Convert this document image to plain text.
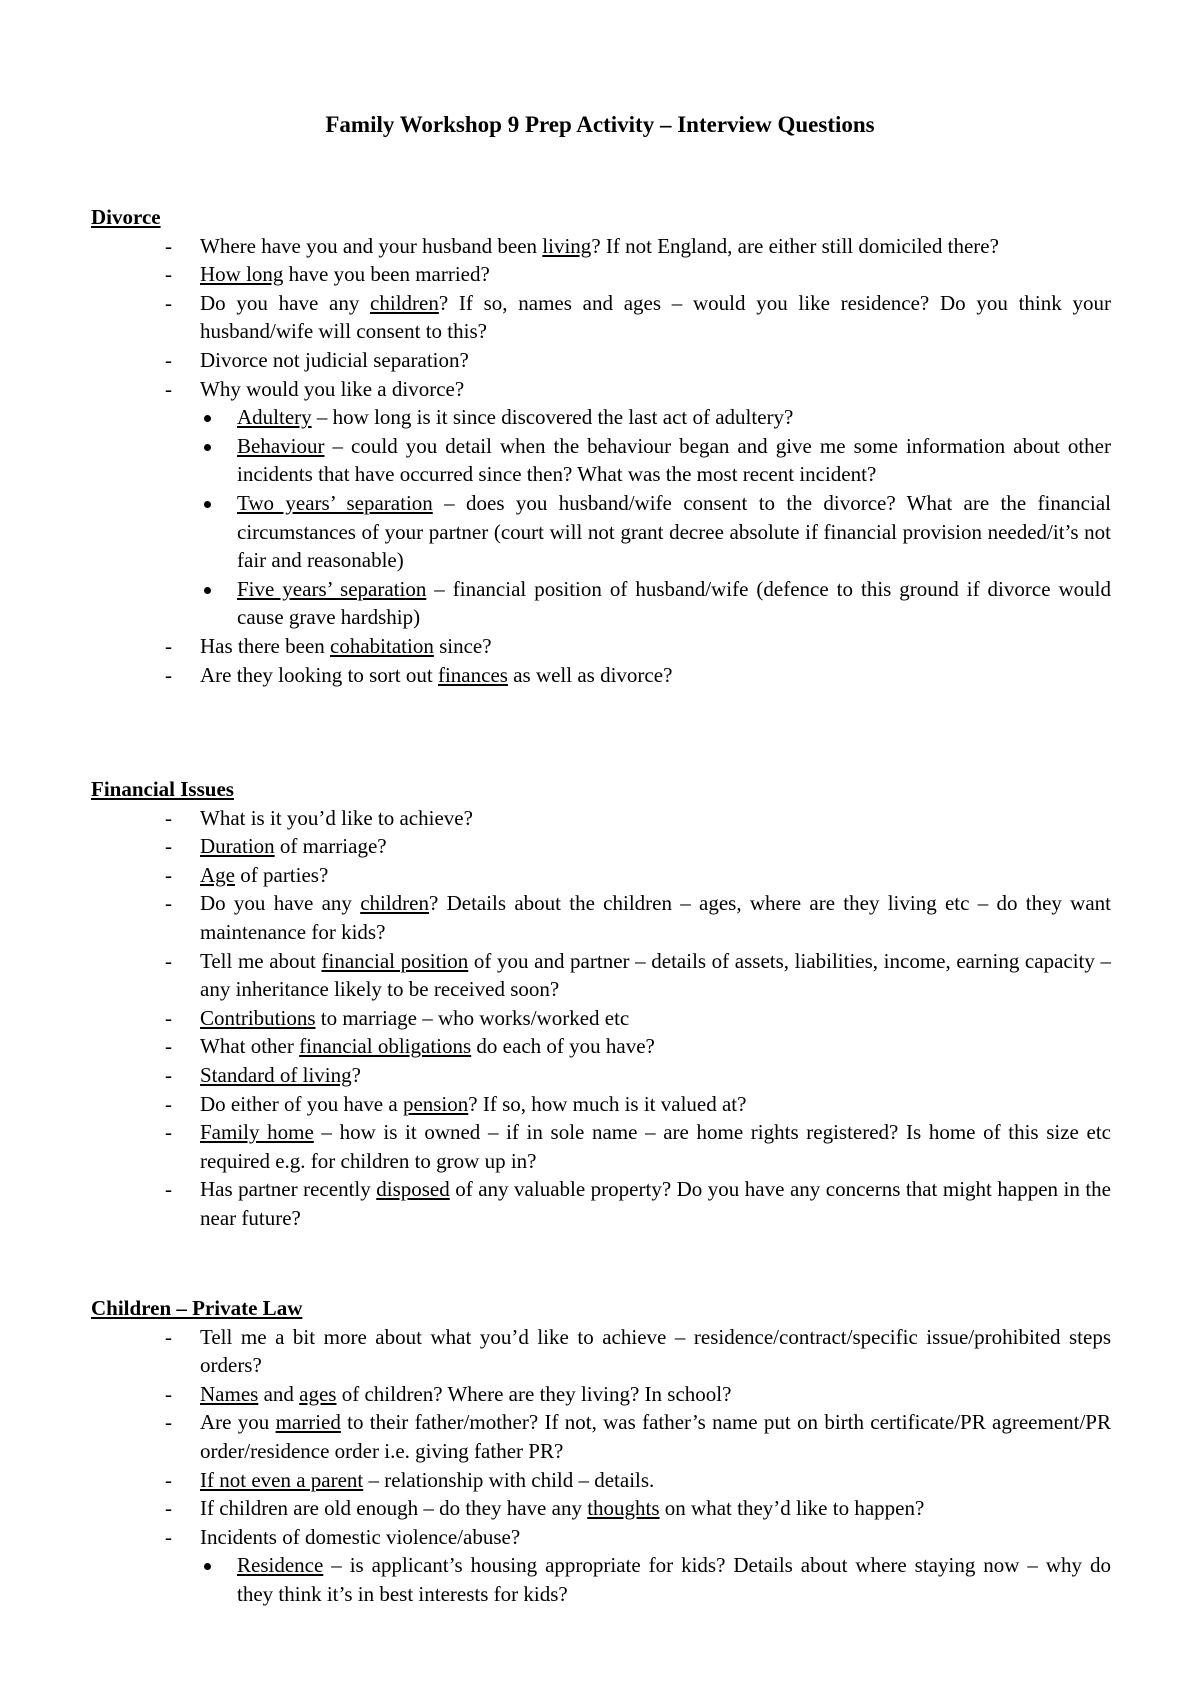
Family Workshop 9 Prep Activity – Interview Questions
Divorce
- Where have you and your husband been living? If not England, are either still domiciled there?
- How long have you been married?
- Do you have any children? If so, names and ages – would you like residence? Do you think your husband/wife will consent to this?
- Divorce not judicial separation?
- Why would you like a divorce?
Adultery – how long is it since discovered the last act of adultery?
Behaviour – could you detail when the behaviour began and give me some information about other incidents that have occurred since then? What was the most recent incident?
Two years’ separation – does you husband/wife consent to the divorce? What are the financial circumstances of your partner (court will not grant decree absolute if financial provision needed/it’s not fair and reasonable)
Five years’ separation – financial position of husband/wife (defence to this ground if divorce would cause grave hardship)
- Has there been cohabitation since?
- Are they looking to sort out finances as well as divorce?
Financial Issues
- What is it you’d like to achieve?
- Duration of marriage?
- Age of parties?
- Do you have any children? Details about the children – ages, where are they living etc – do they want maintenance for kids?
- Tell me about financial position of you and partner – details of assets, liabilities, income, earning capacity – any inheritance likely to be received soon?
- Contributions to marriage – who works/worked etc
- What other financial obligations do each of you have?
- Standard of living?
- Do either of you have a pension? If so, how much is it valued at?
- Family home – how is it owned – if in sole name – are home rights registered? Is home of this size etc required e.g. for children to grow up in?
- Has partner recently disposed of any valuable property? Do you have any concerns that might happen in the near future?
Children – Private Law
- Tell me a bit more about what you’d like to achieve – residence/contract/specific issue/prohibited steps orders?
- Names and ages of children? Where are they living? In school?
- Are you married to their father/mother? If not, was father’s name put on birth certificate/PR agreement/PR order/residence order i.e. giving father PR?
- If not even a parent – relationship with child – details.
- If children are old enough – do they have any thoughts on what they’d like to happen?
- Incidents of domestic violence/abuse?
Residence – is applicant’s housing appropriate for kids? Details about where staying now – why do they think it’s in best interests for kids?
